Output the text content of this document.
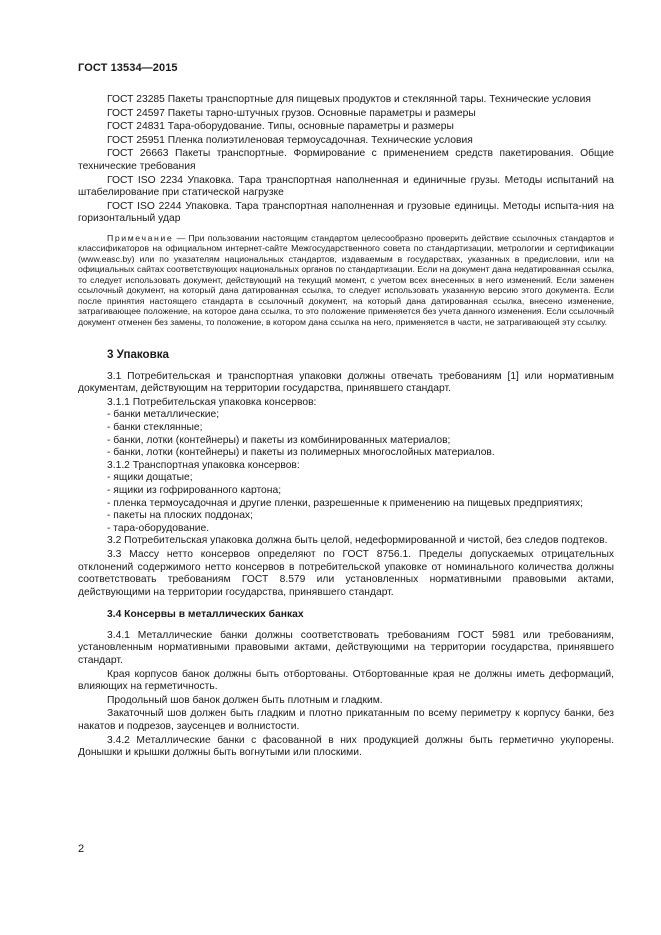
ГОСТ 13534—2015

ГОСТ 23285 Пакеты транспортные для пищевых продуктов и стеклянной тары. Технические условия

ГОСТ 24597 Пакеты тарно-штучных грузов. Основные параметры и размеры

ГОСТ 24831 Тара-оборудование. Типы, основные параметры и размеры

ГОСТ 25951 Пленка полиэтиленовая термоусадочная. Технические условия

ГОСТ 26663 Пакеты транспортные. Формирование с применением средств пакетирования. Общие технические требования

ГОСТ ISO 2234 Упаковка. Тара транспортная наполненная и единичные грузы. Методы испытаний на штабелирование при статической нагрузке

ГОСТ ISO 2244 Упаковка. Тара транспортная наполненная и грузовые единицы. Методы испыта-ния на горизонтальный удар

Примечание — При пользовании настоящим стандартом целесообразно проверить действие ссылочных стандартов и классификаторов на официальном интернет-сайте Межгосударственного совета по стандартизации, метрологии и сертификации (www.easc.by) или по указателям национальных стандартов, издаваемым в государствах, указанных в предисловии, или на официальных сайтах соответствующих национальных органов по стандартизации. Если на документ дана недатированная ссылка, то следует использовать документ, действующий на текущий момент, с учетом всех внесенных в него изменений. Если заменен ссылочный документ, на который дана датированная ссылка, то следует использовать указанную версию этого документа. Если после принятия настоящего стандарта в ссылочный документ, на который дана датированная ссылка, внесено изменение, затрагивающее положение, на которое дана ссылка, то это положение применяется без учета данного изменения. Если ссылочный документ отменен без замены, то положение, в котором дана ссылка на него, применяется в части, не затрагивающей эту ссылку.

3 Упаковка

3.1 Потребительская и транспортная упаковки должны отвечать требованиям [1] или нормативным документам, действующим на территории государства, принявшего стандарт.

3.1.1 Потребительская упаковка консервов:

- банки металлические;

- банки стеклянные;

- банки, лотки (контейнеры) и пакеты из комбинированных материалов;

- банки, лотки (контейнеры) и пакеты из полимерных многослойных материалов.

3.1.2 Транспортная упаковка консервов:

- ящики дощатые;

- ящики из гофрированного картона;

- пленка термоусадочная и другие пленки, разрешенные к применению на пищевых предприятиях;

- пакеты на плоских поддонах;

- тара-оборудование.

3.2 Потребительская упаковка должна быть целой, недеформированной и чистой, без следов подтеков.

3.3 Массу нетто консервов определяют по ГОСТ 8756.1. Пределы допускаемых отрицательных отклонений содержимого нетто консервов в потребительской упаковке от номинального количества должны соответствовать требованиям ГОСТ 8.579 или установленных нормативными правовыми актами, действующими на территории государства, принявшего стандарт.

3.4 Консервы в металлических банках

3.4.1 Металлические банки должны соответствовать требованиям ГОСТ 5981 или требованиям, установленным нормативными правовыми актами, действующими на территории государства, принявшего стандарт.

Края корпусов банок должны быть отбортованы. Отбортованные края не должны иметь деформаций, влияющих на герметичность.

Продольный шов банок должен быть плотным и гладким.

Закаточный шов должен быть гладким и плотно прикатанным по всему периметру к корпусу банки, без накатов и подрезов, заусенцев и волнистости.

3.4.2 Металлические банки с фасованной в них продукцией должны быть герметично укупорены. Донышки и крышки должны быть вогнутыми или плоскими.

2
